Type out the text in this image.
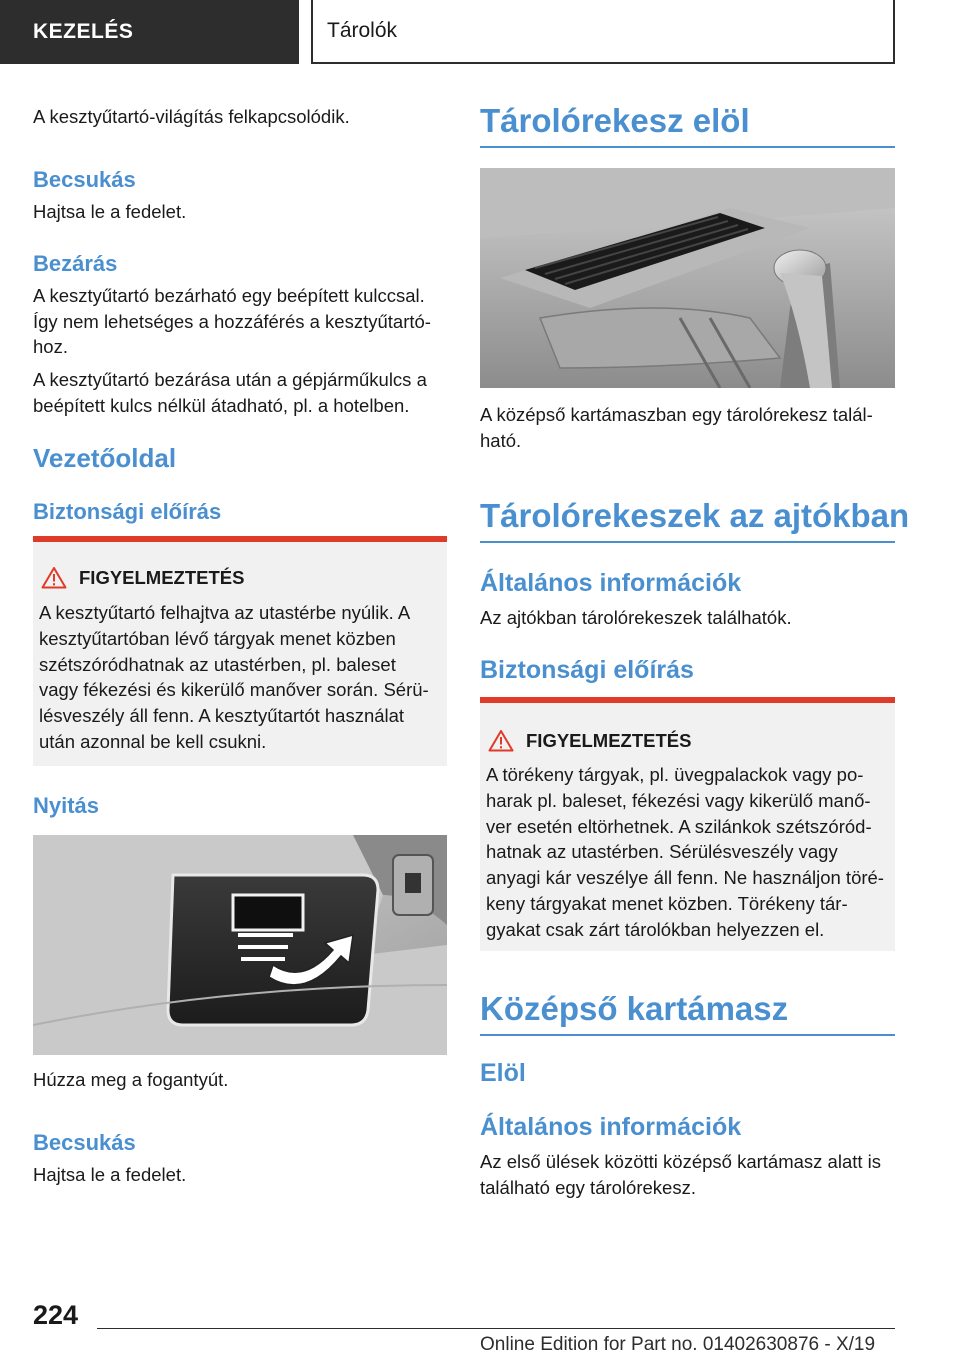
KEZELÉS	Tárolók

A kesztyűtartó-világítás felkapcsolódik.

Becsukás

Hajtsa le a fedelet.

Bezárás

A kesztyűtartó bezárható egy beépített kulccsal. Így nem lehetséges a hozzáférés a kesztyűtartó-hoz.

A kesztyűtartó bezárása után a gépjárműkulcs a beépített kulcs nélkül átadható, pl. a hotelben.

Vezetőoldal
Biztonsági előírás
FIGYELMEZTETÉS

A kesztyűtartó felhajtva az utastérbe nyúlik. A kesztyűtartóban lévő tárgyak menet közben szétszóródhatnak az utastérben, pl. baleset vagy fékezési és kikerülő manőver során. Sérü-lésveszély áll fenn. A kesztyűtartót használat után azonnal be kell csukni.

Nyitás

Húzza meg a fogantyút.

Becsukás

Hajtsa le a fedelet.

Tárolórekesz elöl

A középső kartámaszban egy tárolórekesz talál-ható.

Tárolórekeszek az ajtókban
Általános információk

Az ajtókban tárolórekeszek találhatók.

Biztonsági előírás
FIGYELMEZTETÉS

A törékeny tárgyak, pl. üvegpalackok vagy po-harak pl. baleset, fékezési vagy kikerülő manő-ver esetén eltörhetnek. A szilánkok szétszóród-hatnak az utastérben. Sérülésveszély vagy anyagi kár veszélye áll fenn. Ne használjon töré-keny tárgyakat menet közben. Törékeny tár-gyakat csak zárt tárolókban helyezzen el.

Középső kartámasz
Elöl
Általános információk

Az első ülések közötti középső kartámasz alatt is található egy tárolórekesz.

224
Online Edition for Part no. 01402630876 - X/19
